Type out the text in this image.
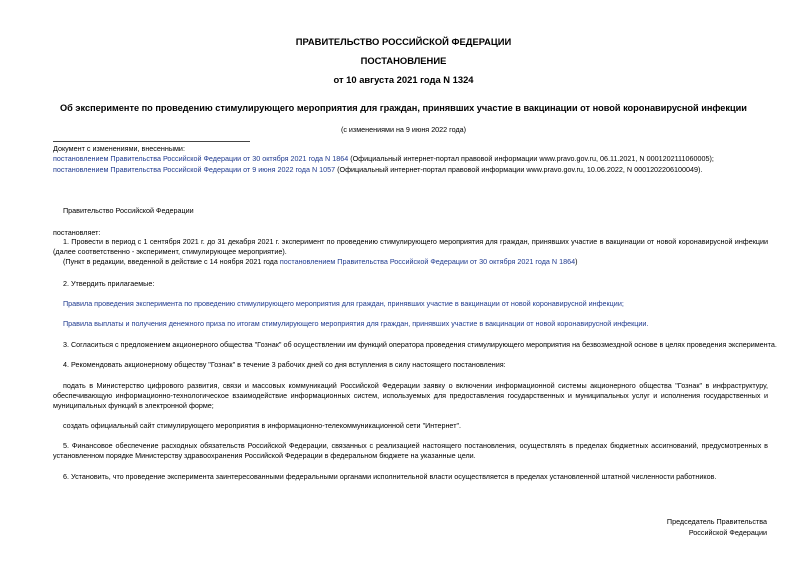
ПРАВИТЕЛЬСТВО РОССИЙСКОЙ ФЕДЕРАЦИИ
ПОСТАНОВЛЕНИЕ
от 10 августа 2021 года N 1324
Об эксперименте по проведению стимулирующего мероприятия для граждан, принявших участие в вакцинации от новой коронавирусной инфекции
(с изменениями на 9 июня 2022 года)
Документ с изменениями, внесенными:
постановлением Правительства Российской Федерации от 30 октября 2021 года N 1864 (Официальный интернет-портал правовой информации www.pravo.gov.ru, 06.11.2021, N 0001202111060005);
постановлением Правительства Российской Федерации от 9 июня 2022 года N 1057 (Официальный интернет-портал правовой информации www.pravo.gov.ru, 10.06.2022, N 0001202206100049).
Правительство Российской Федерации
постановляет:
1. Провести в период с 1 сентября 2021 г. до 31 декабря 2021 г. эксперимент по проведению стимулирующего мероприятия для граждан, принявших участие в вакцинации от новой коронавирусной инфекции (далее соответственно - эксперимент, стимулирующее мероприятие).
(Пункт в редакции, введенной в действие с 14 ноября 2021 года постановлением Правительства Российской Федерации от 30 октября 2021 года N 1864)
2. Утвердить прилагаемые:
Правила проведения эксперимента по проведению стимулирующего мероприятия для граждан, принявших участие в вакцинации от новой коронавирусной инфекции;
Правила выплаты и получения денежного приза по итогам стимулирующего мероприятия для граждан, принявших участие в вакцинации от новой коронавирусной инфекции.
3. Согласиться с предложением акционерного общества "Гознак" об осуществлении им функций оператора проведения стимулирующего мероприятия на безвозмездной основе в целях проведения эксперимента.
4. Рекомендовать акционерному обществу "Гознак" в течение 3 рабочих дней со дня вступления в силу настоящего постановления:
подать в Министерство цифрового развития, связи и массовых коммуникаций Российской Федерации заявку о включении информационной системы акционерного общества "Гознак" в инфраструктуру, обеспечивающую информационно-технологическое взаимодействие информационных систем, используемых для предоставления государственных и муниципальных услуг и исполнения государственных и муниципальных функций в электронной форме;
создать официальный сайт стимулирующего мероприятия в информационно-телекоммуникационной сети "Интернет".
5. Финансовое обеспечение расходных обязательств Российской Федерации, связанных с реализацией настоящего постановления, осуществлять в пределах бюджетных ассигнований, предусмотренных в установленном порядке Министерству здравоохранения Российской Федерации в федеральном бюджете на указанные цели.
6. Установить, что проведение эксперимента заинтересованными федеральными органами исполнительной власти осуществляется в пределах установленной штатной численности работников.
Председатель Правительства
Российской Федерации
